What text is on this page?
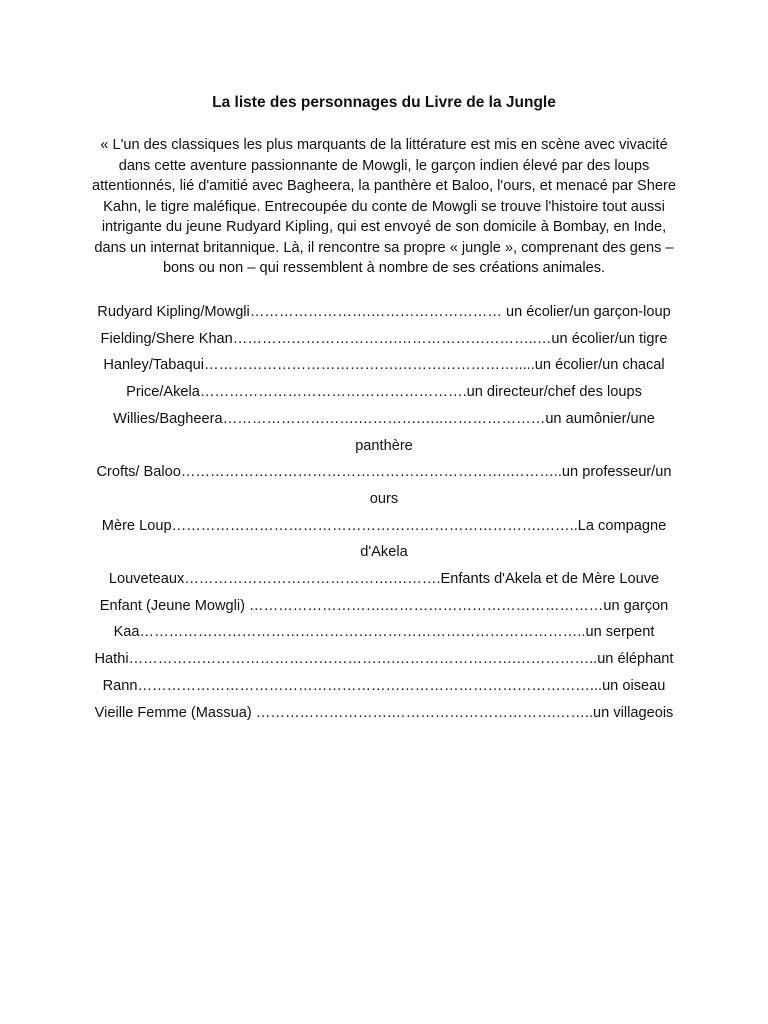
La liste des personnages du Livre de la Jungle
« L'un des classiques les plus marquants de la littérature est mis en scène avec vivacité dans cette aventure passionnante de Mowgli, le garçon indien élevé par des loups attentionnés, lié d'amitié avec Bagheera, la panthère et Baloo, l'ours, et menacé par Shere Kahn, le tigre maléfique. Entrecoupée du conte de Mowgli se trouve l'histoire tout aussi intrigante du jeune Rudyard Kipling, qui est envoyé de son domicile à Bombay, en Inde, dans un internat britannique. Là, il rencontre sa propre « jungle », comprenant des gens – bons ou non – qui ressemblent à nombre de ses créations animales.

Rudyard Kipling/Mowgli…………………….……………………… un écolier/un garçon-loup

Fielding/Shere Khan…………………………….………………………..…un écolier/un tigre

Hanley/Tabaqui………………………………….…………………….....un écolier/un chacal

Price/Akela……………………………………………….un directeur/chef des loups

Willies/Bagheera……………………….………….…..…………………un aumônier/une panthère

Crofts/ Baloo…………………………………………………………..………..un professeur/un ours

Mère Loup………………………………………………………………….……..La compagne d'Akela

Louveteaux…………………………………….……….Enfants d'Akela et de Mère Louve

Enfant (Jeune Mowgli) ……………………….………………………………………un garçon

Kaa………………………………………………………………………………..un serpent

Hathi……………………………………………….…………………….……………..un éléphant

Rann…………………………………………………………………………………...un oiseau

Vieille Femme (Massua) ……………………….…………………………….……..un villageois
